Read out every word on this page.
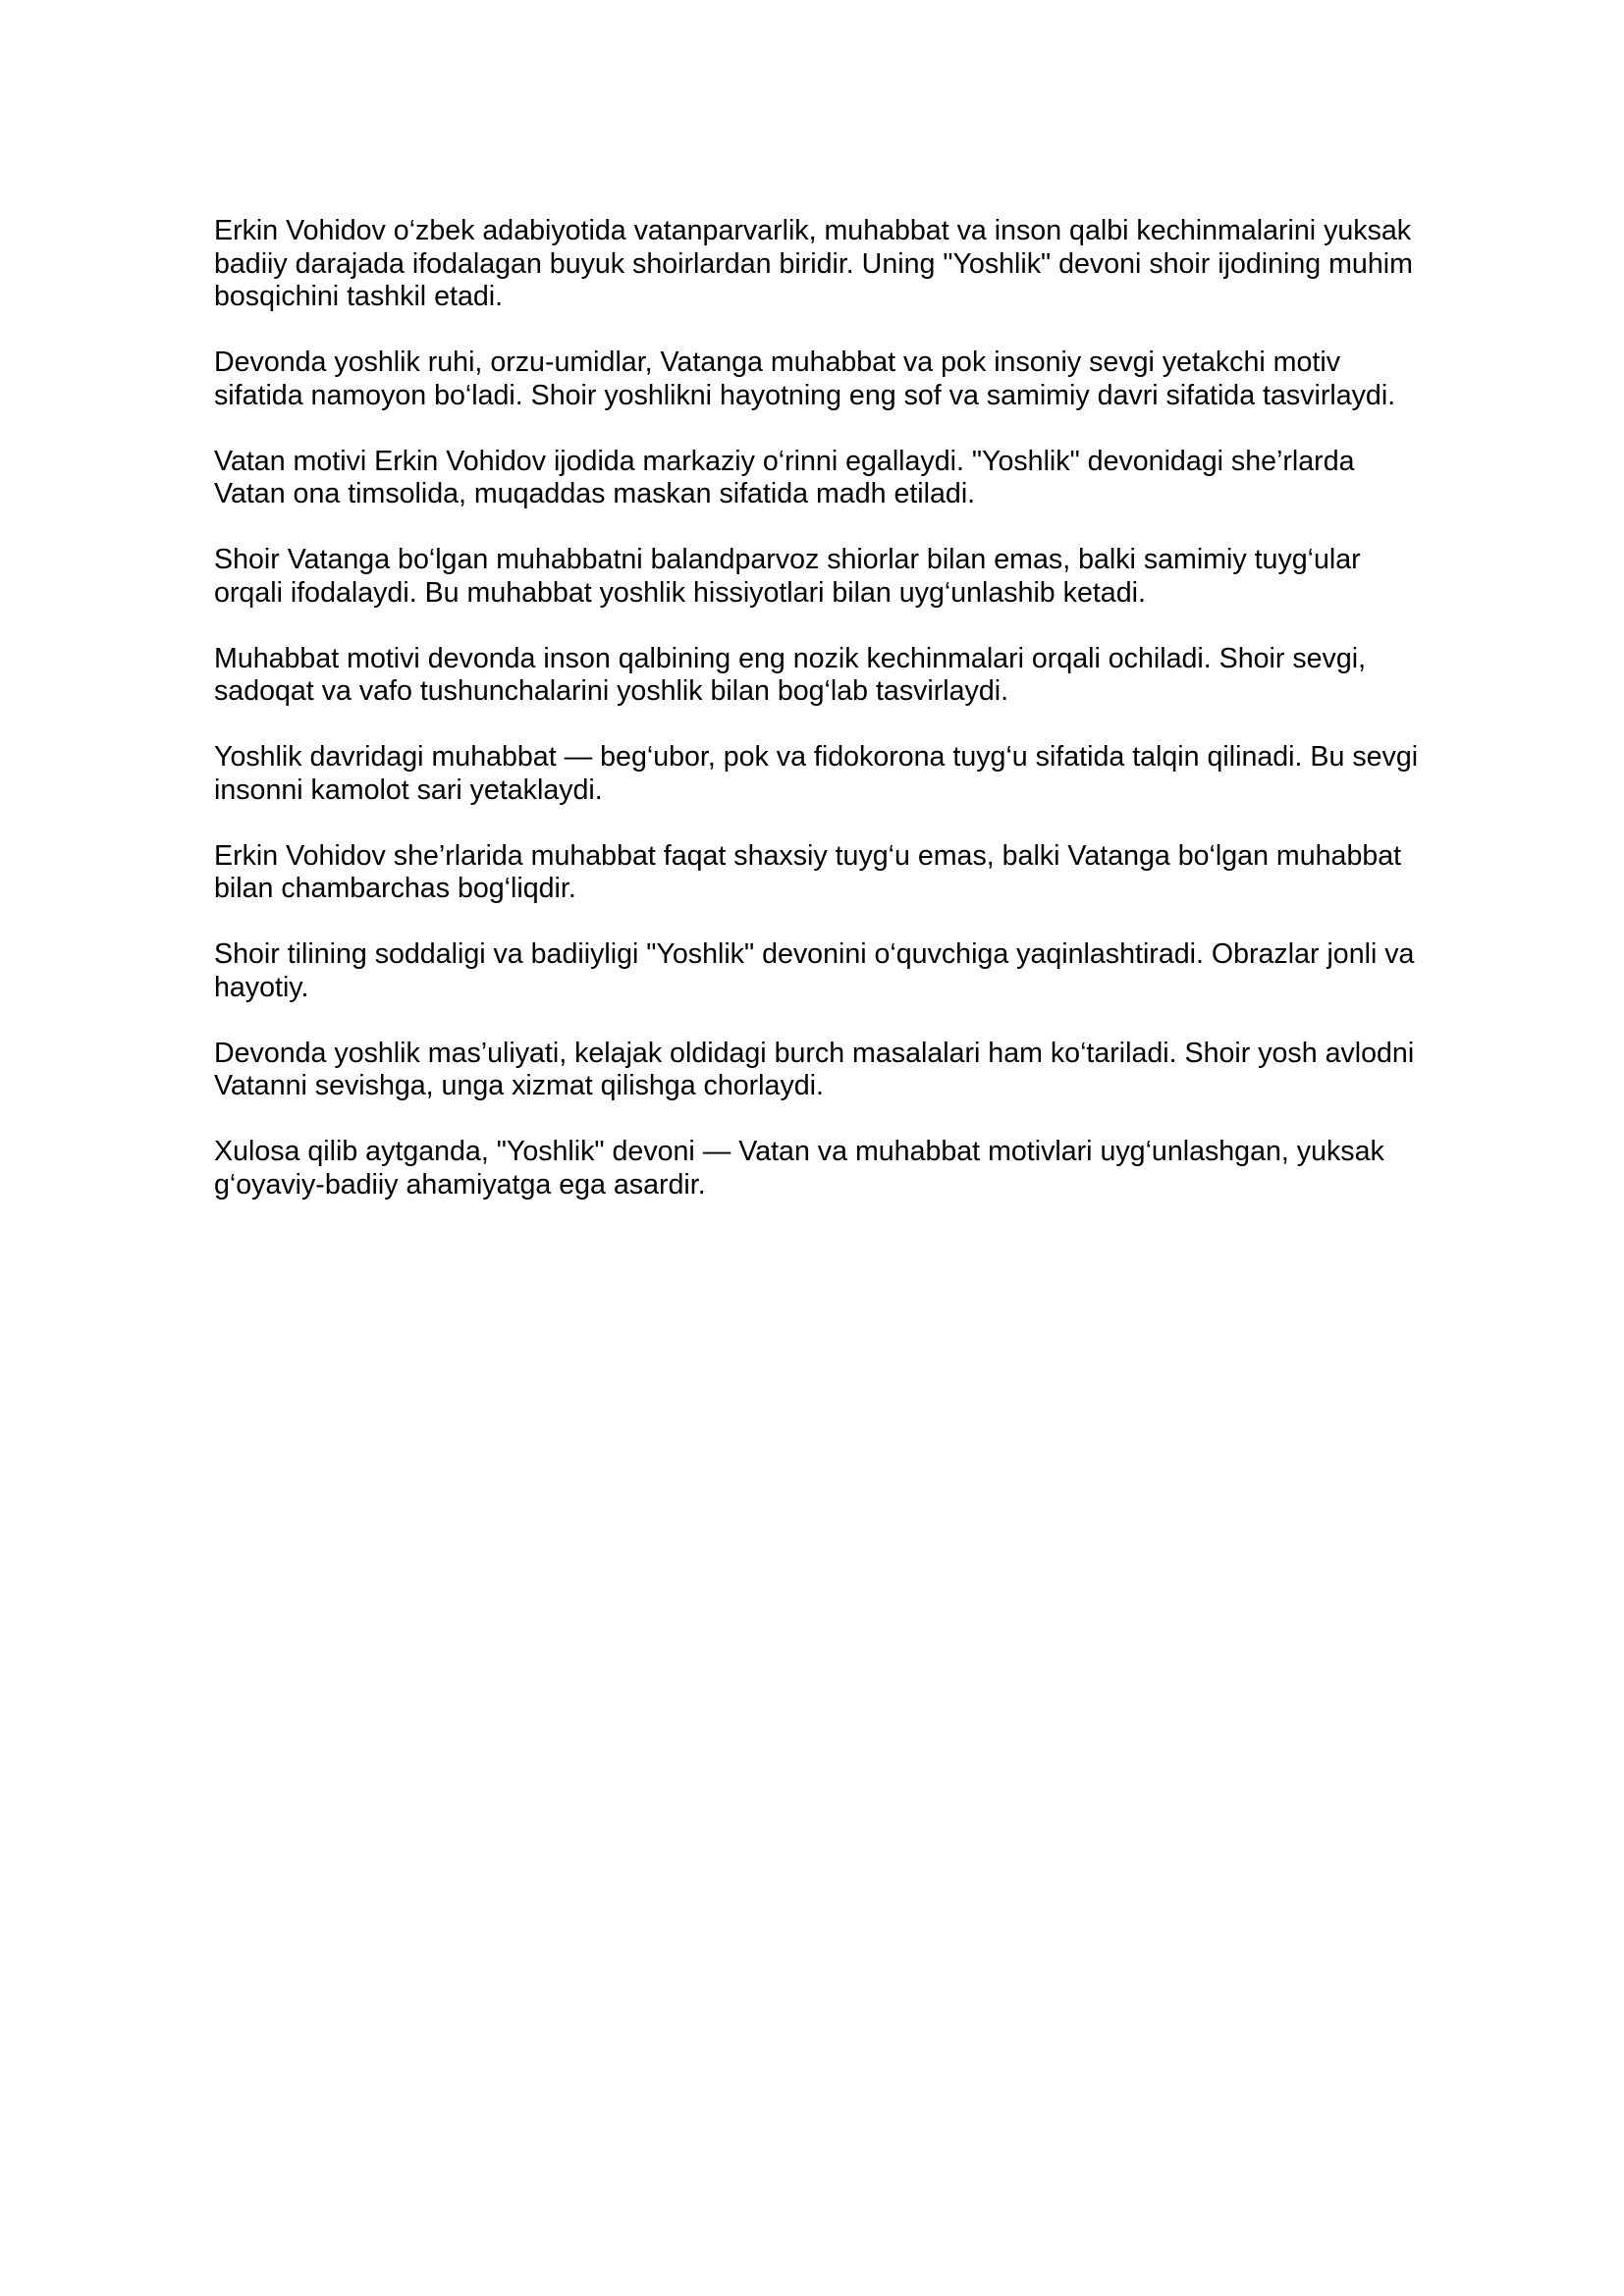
Erkin Vohidov o‘zbek adabiyotida vatanparvarlik, muhabbat va inson qalbi kechinmalarini yuksak badiiy darajada ifodalagan buyuk shoirlardan biridir. Uning "Yoshlik" devoni shoir ijodining muhim bosqichini tashkil etadi.

Devonda yoshlik ruhi, orzu-umidlar, Vatanga muhabbat va pok insoniy sevgi yetakchi motiv sifatida namoyon bo‘ladi. Shoir yoshlikni hayotning eng sof va samimiy davri sifatida tasvirlaydi.

Vatan motivi Erkin Vohidov ijodida markaziy o‘rinni egallaydi. "Yoshlik" devonidagi she’rlarda Vatan ona timsolida, muqaddas maskan sifatida madh etiladi.

Shoir Vatanga bo‘lgan muhabbatni balandparvoz shiorlar bilan emas, balki samimiy tuyg‘ular orqali ifodalaydi. Bu muhabbat yoshlik hissiyotlari bilan uyg‘unlashib ketadi.

Muhabbat motivi devonda inson qalbining eng nozik kechinmalari orqali ochiladi. Shoir sevgi, sadoqat va vafo tushunchalarini yoshlik bilan bog‘lab tasvirlaydi.

Yoshlik davridagi muhabbat — beg‘ubor, pok va fidokorona tuyg‘u sifatida talqin qilinadi. Bu sevgi insonni kamolot sari yetaklaydi.

Erkin Vohidov she’rlarida muhabbat faqat shaxsiy tuyg‘u emas, balki Vatanga bo‘lgan muhabbat bilan chambarchas bog‘liqdir.

Shoir tilining soddaligi va badiiyligi "Yoshlik" devonini o‘quvchiga yaqinlashtiradi. Obrazlar jonli va hayotiy.

Devonda yoshlik mas’uliyati, kelajak oldidagi burch masalalari ham ko‘tariladi. Shoir yosh avlodni Vatanni sevishga, unga xizmat qilishga chorlaydi.

Xulosa qilib aytganda, "Yoshlik" devoni — Vatan va muhabbat motivlari uyg‘unlashgan, yuksak g‘oyaviy-badiiy ahamiyatga ega asardir.
